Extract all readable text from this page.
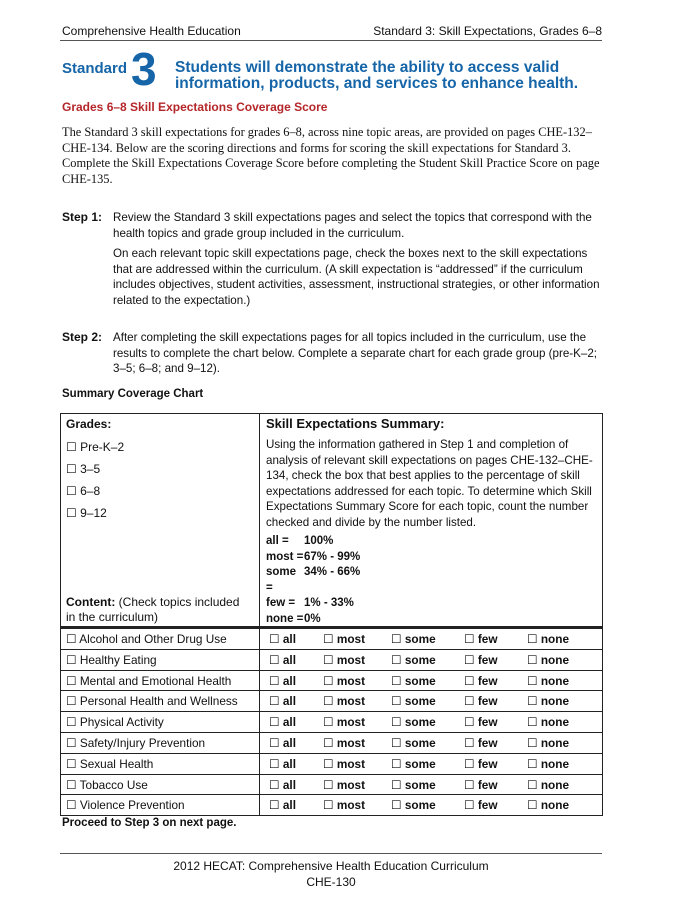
Comprehensive Health Education	Standard 3: Skill Expectations, Grades 6–8
Standard 3 Students will demonstrate the ability to access valid information, products, and services to enhance health.
Grades 6–8 Skill Expectations Coverage Score
The Standard 3 skill expectations for grades 6–8, across nine topic areas, are provided on pages CHE-132–CHE-134. Below are the scoring directions and forms for scoring the skill expectations for Standard 3. Complete the Skill Expectations Coverage Score before completing the Student Skill Practice Score on page CHE-135.
Step 1: Review the Standard 3 skill expectations pages and select the topics that correspond with the health topics and grade group included in the curriculum.
On each relevant topic skill expectations page, check the boxes next to the skill expectations that are addressed within the curriculum. (A skill expectation is “addressed” if the curriculum includes objectives, student activities, assessment, instructional strategies, or other information related to the expectation.)
Step 2: After completing the skill expectations pages for all topics included in the curriculum, use the results to complete the chart below. Complete a separate chart for each grade group (pre-K–2; 3–5; 6–8; and 9–12).
Summary Coverage Chart
Grades:
☐ Pre-K–2
☐ 3–5
☐ 6–8
☐ 9–12
Content: (Check topics included in the curriculum)
Skill Expectations Summary:
Using the information gathered in Step 1 and completion of analysis of relevant skill expectations on pages CHE-132–CHE-134, check the box that best applies to the percentage of skill expectations addressed for each topic. To determine which Skill Expectations Summary Score for each topic, count the number checked and divide by the number listed.
all =	100%
most = 67% - 99%
some =
34% - 66%
few = 1% - 33%
none = 0%
☐ Alcohol and Other Drug Use	☐ all ☐ most ☐ some ☐ few ☐ none
☐ Healthy Eating	☐ all ☐ most ☐ some ☐ few ☐ none
☐ Mental and Emotional Health	☐ all ☐ most ☐ some ☐ few ☐ none
☐ Personal Health and Wellness	☐ all ☐ most ☐ some ☐ few ☐ none
☐ Physical Activity	☐ all ☐ most ☐ some ☐ few ☐ none
☐ Safety/Injury Prevention	☐ all ☐ most ☐ some ☐ few ☐ none
☐ Sexual Health	☐ all ☐ most ☐ some ☐ few ☐ none
☐ Tobacco Use	☐ all ☐ most ☐ some ☐ few ☐ none
☐ Violence Prevention	☐ all ☐ most ☐ some ☐ few ☐ none
Proceed to Step 3 on next page.
2012 HECAT: Comprehensive Health Education Curriculum
CHE-130
